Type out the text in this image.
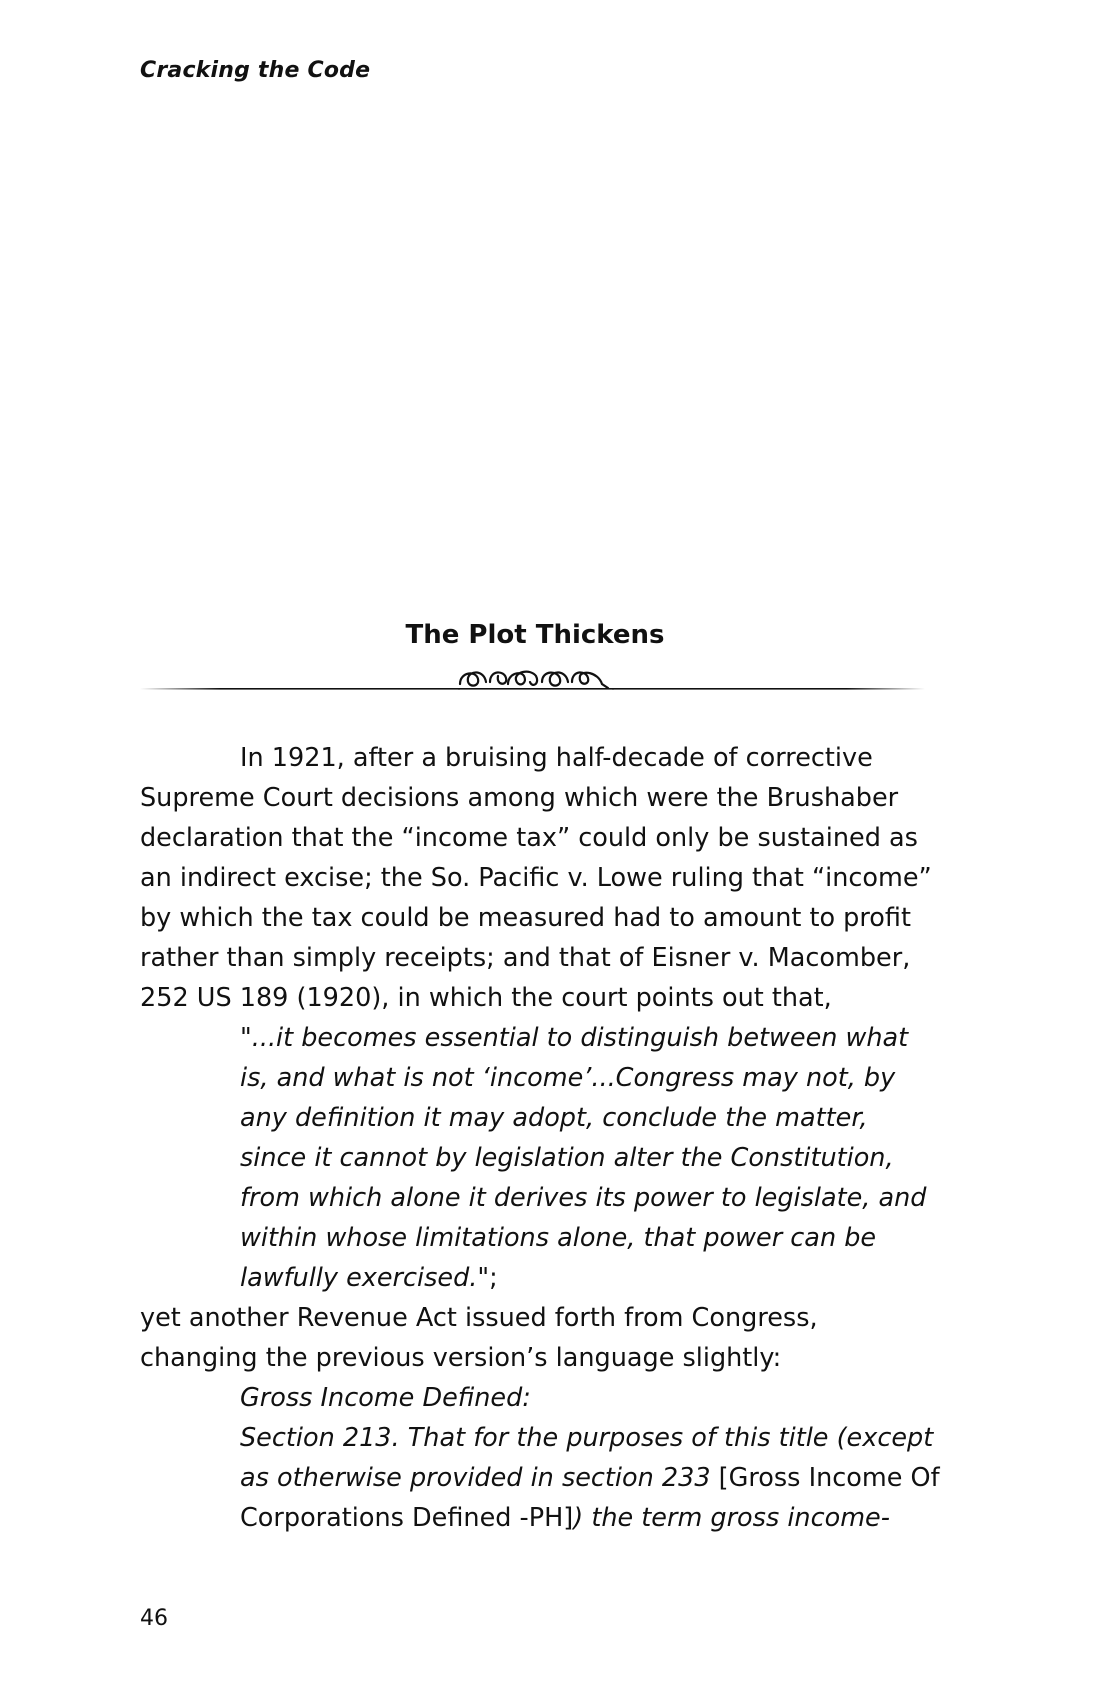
Cracking the Code
The Plot Thickens

In 1921, after a bruising half-decade of corrective Supreme Court decisions among which were the Brushaber declaration that the “income tax” could only be sustained as an indirect excise; the So. Pacific v. Lowe ruling that “income” by which the tax could be measured had to amount to profit rather than simply receipts; and that of Eisner v. Macomber, 252 US 189 (1920), in which the court points out that,

"...it becomes essential to distinguish between what is, and what is not ‘income’...Congress may not, by any definition it may adopt, conclude the matter, since it cannot by legislation alter the Constitution, from which alone it derives its power to legislate, and within whose limitations alone, that power can be lawfully exercised.";

yet another Revenue Act issued forth from Congress, changing the previous version’s language slightly:

Gross Income Defined:

Section 213. That for the purposes of this title (except as otherwise provided in section 233 [Gross Income Of Corporations Defined -PH]) the term gross income-

46
